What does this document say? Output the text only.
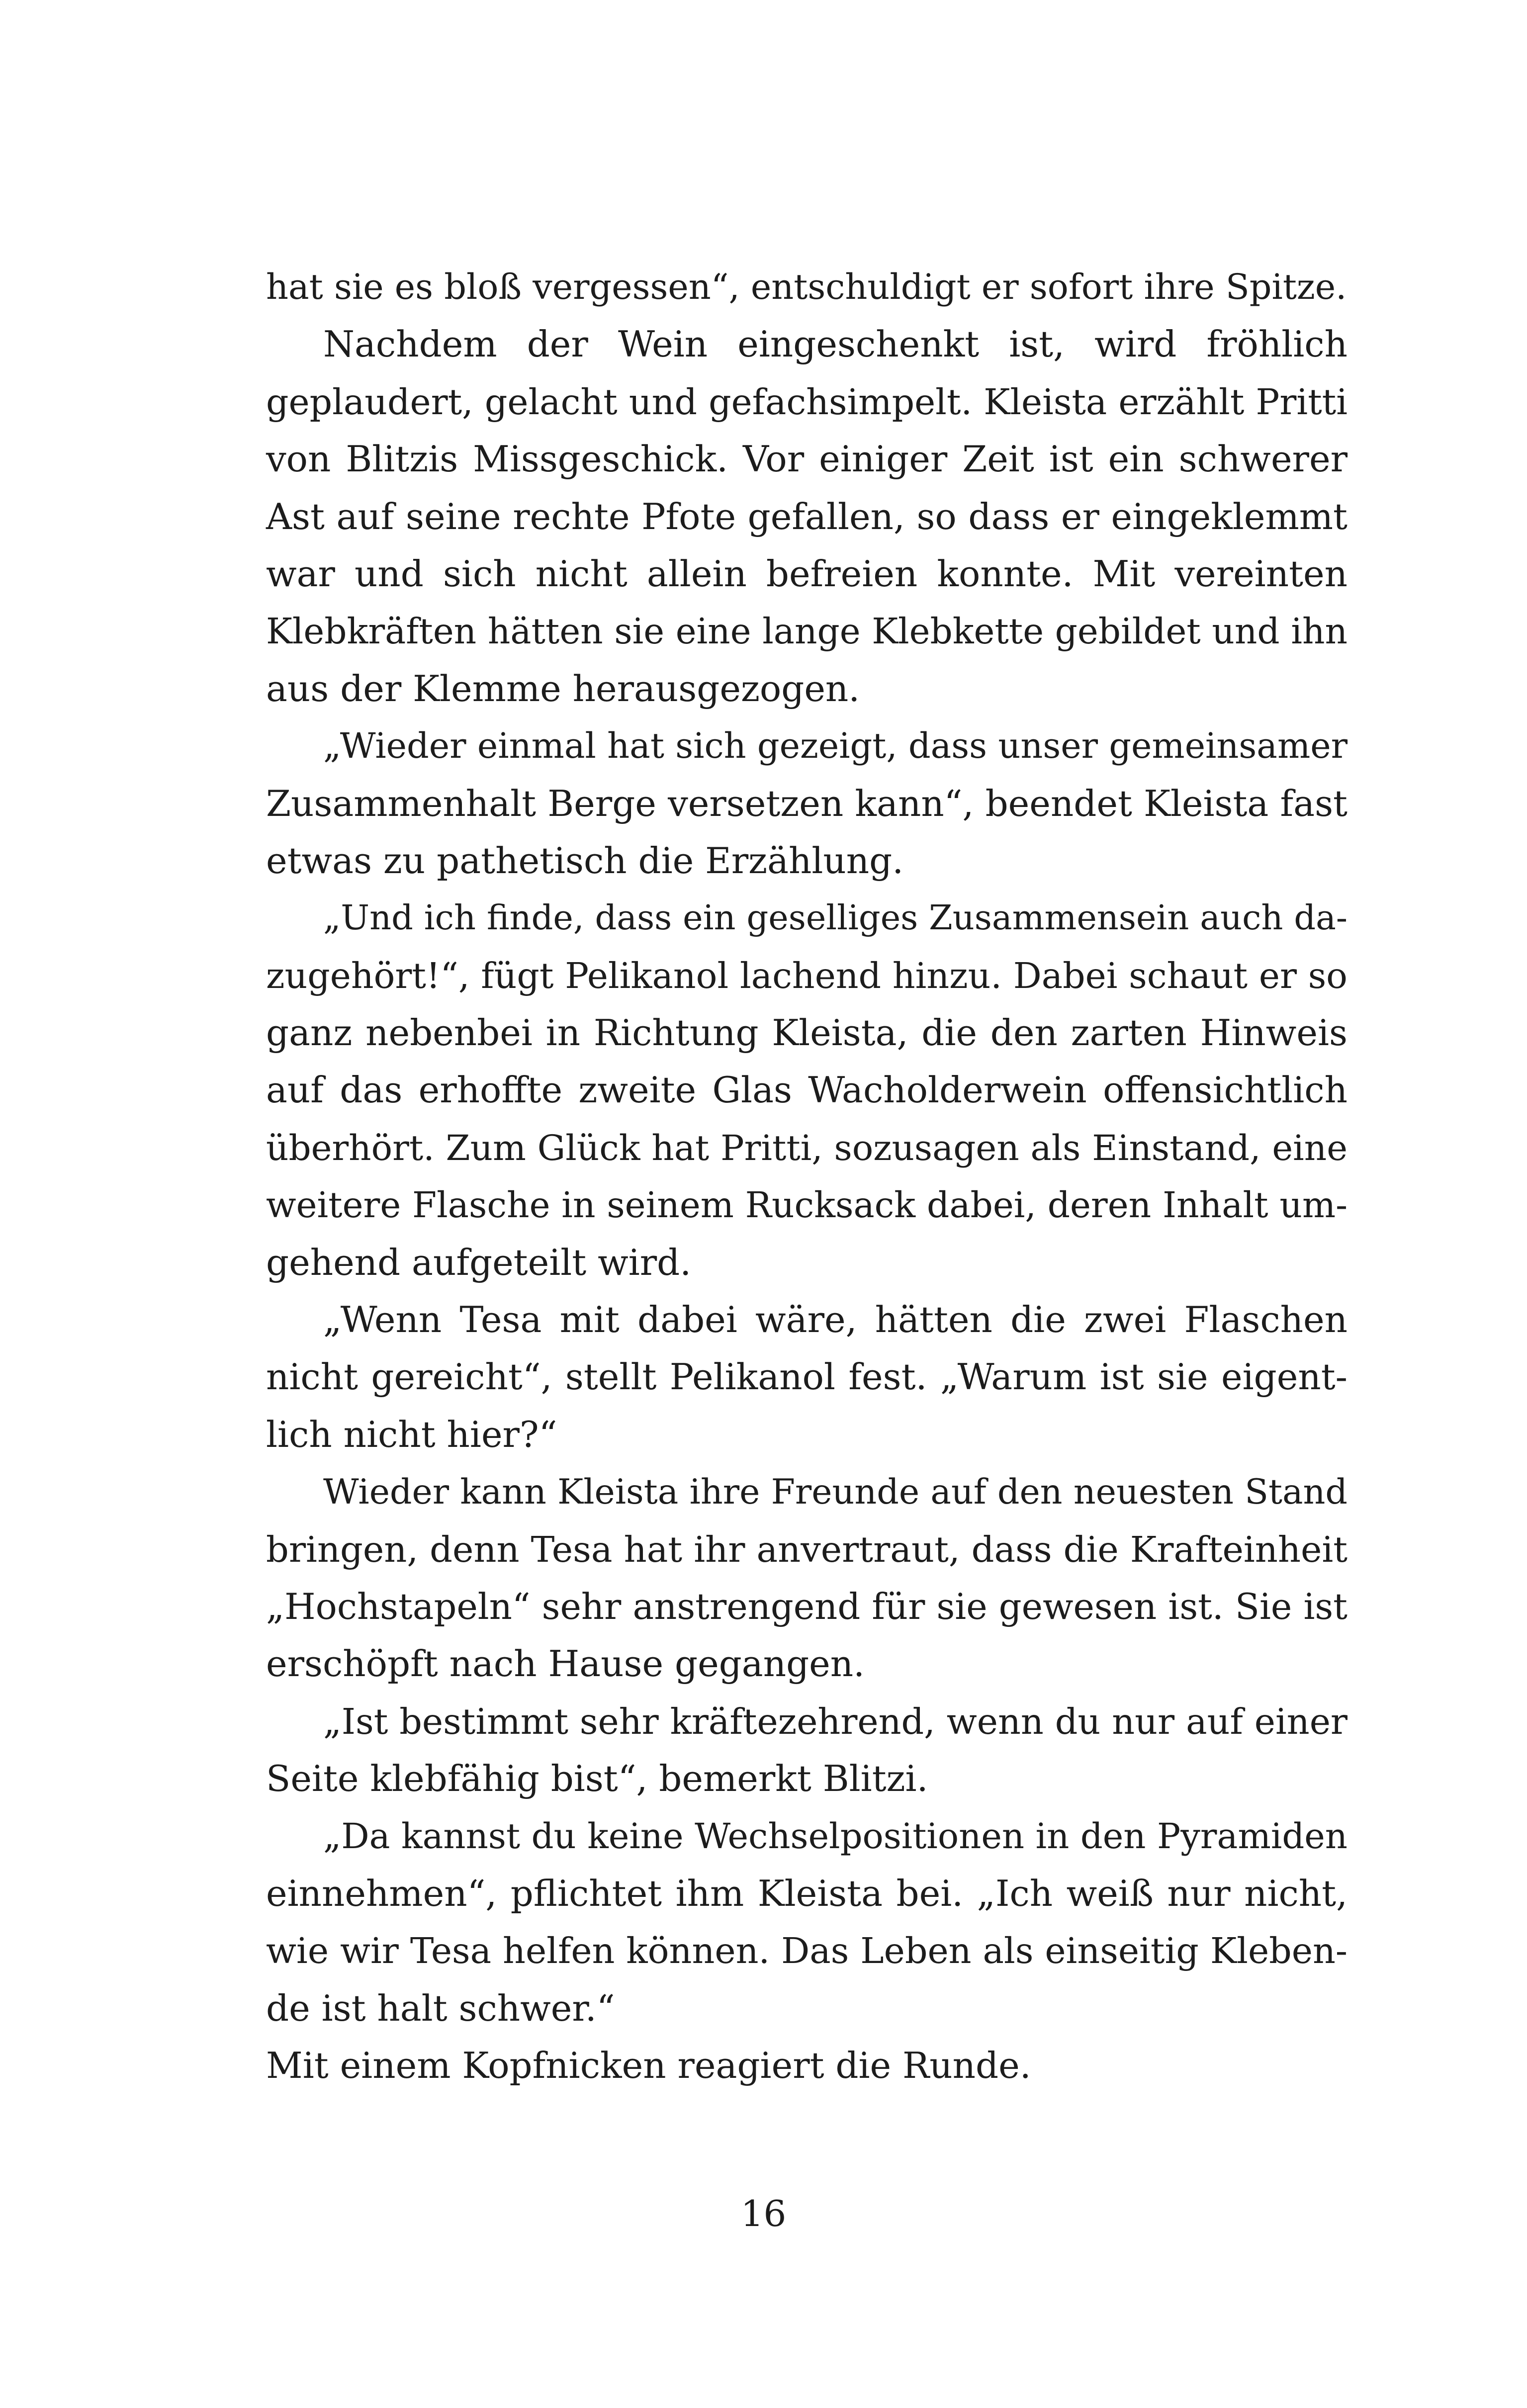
hat sie es bloß vergessen“, entschuldigt er sofort ihre Spitze.
Nachdem der Wein eingeschenkt ist, wird fröhlich
geplaudert, gelacht und gefachsimpelt. Kleista erzählt Pritti
von Blitzis Missgeschick. Vor einiger Zeit ist ein schwerer
Ast auf seine rechte Pfote gefallen, so dass er eingeklemmt
war und sich nicht allein befreien konnte. Mit vereinten
Klebkräften hätten sie eine lange Klebkette gebildet und ihn
aus der Klemme herausgezogen.
„Wieder einmal hat sich gezeigt, dass unser gemeinsamer
Zusammenhalt Berge versetzen kann“, beendet Kleista fast
etwas zu pathetisch die Erzählung.
„Und ich finde, dass ein geselliges Zusammensein auch da-
zugehört!“, fügt Pelikanol lachend hinzu. Dabei schaut er so
ganz nebenbei in Richtung Kleista, die den zarten Hinweis
auf das erhoffte zweite Glas Wacholderwein offensichtlich
überhört. Zum Glück hat Pritti, sozusagen als Einstand, eine
weitere Flasche in seinem Rucksack dabei, deren Inhalt um-
gehend aufgeteilt wird.
„Wenn Tesa mit dabei wäre, hätten die zwei Flaschen
nicht gereicht“, stellt Pelikanol fest. „Warum ist sie eigent-
lich nicht hier?“
Wieder kann Kleista ihre Freunde auf den neuesten Stand
bringen, denn Tesa hat ihr anvertraut, dass die Krafteinheit
„Hochstapeln“ sehr anstrengend für sie gewesen ist. Sie ist
erschöpft nach Hause gegangen.
„Ist bestimmt sehr kräftezehrend, wenn du nur auf einer
Seite klebfähig bist“, bemerkt Blitzi.
„Da kannst du keine Wechselpositionen in den Pyramiden
einnehmen“, pflichtet ihm Kleista bei. „Ich weiß nur nicht,
wie wir Tesa helfen können. Das Leben als einseitig Kleben-
de ist halt schwer.“
Mit einem Kopfnicken reagiert die Runde.
16
